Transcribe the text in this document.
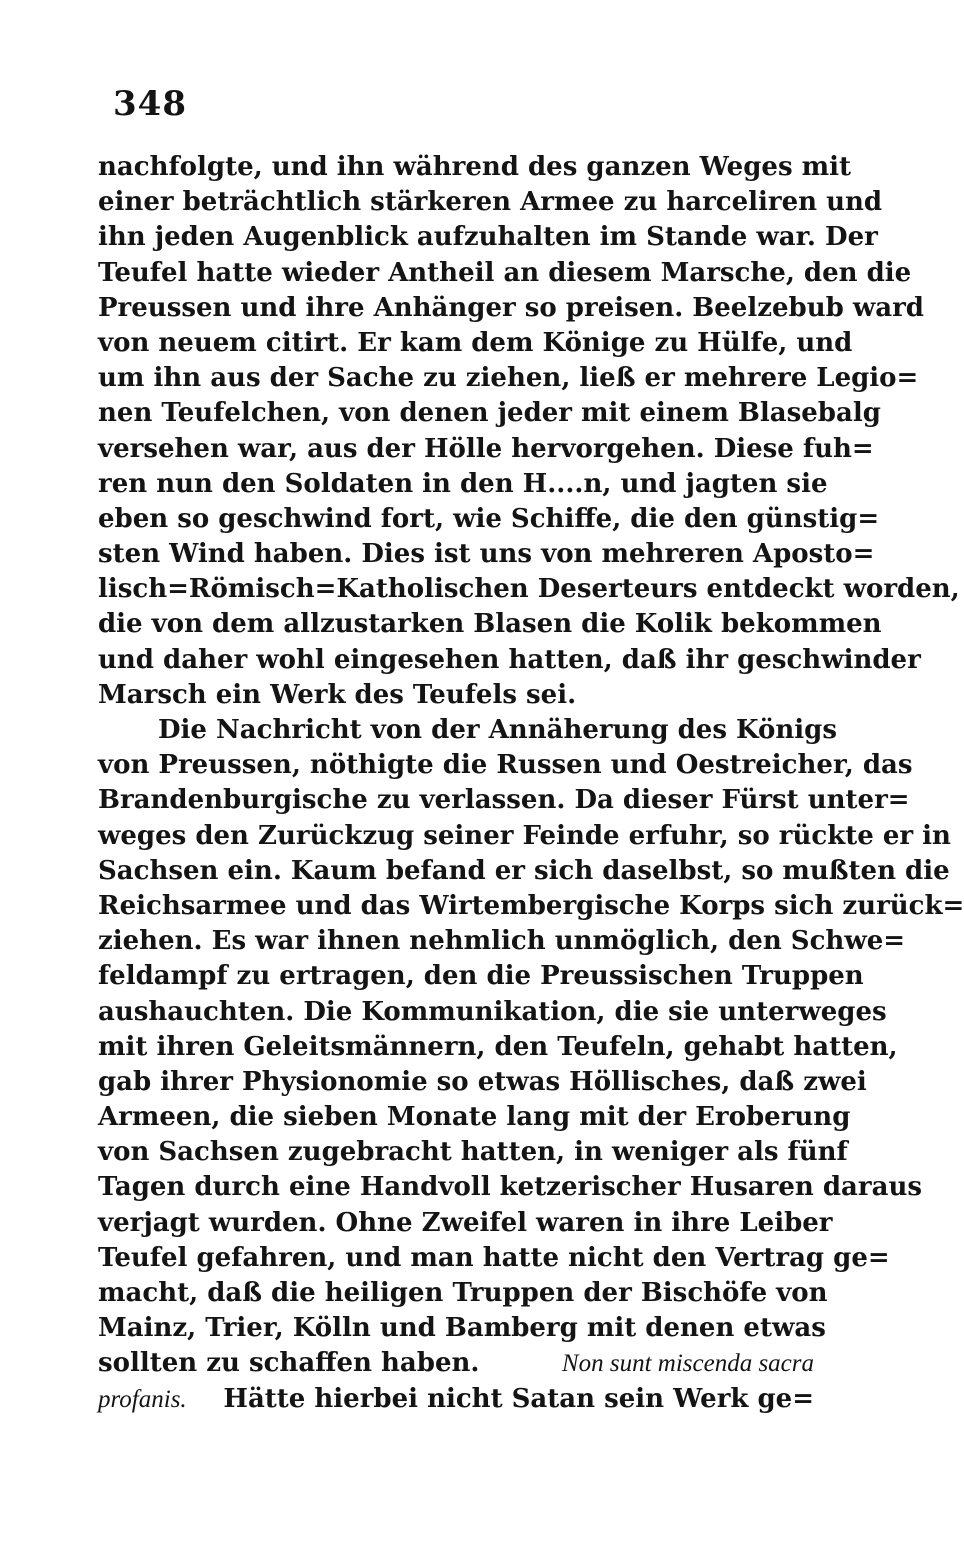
348
nachfolgte, und ihn während des ganzen Weges mit
einer beträchtlich stärkeren Armee zu harceliren und
ihn jeden Augenblick aufzuhalten im Stande war. Der
Teufel hatte wieder Antheil an diesem Marsche, den die
Preussen und ihre Anhänger so preisen. Beelzebub ward
von neuem citirt. Er kam dem Könige zu Hülfe, und
um ihn aus der Sache zu ziehen, ließ er mehrere Legio=
nen Teufelchen, von denen jeder mit einem Blasebalg
versehen war, aus der Hölle hervorgehen. Diese fuh=
ren nun den Soldaten in den H....n, und jagten sie
eben so geschwind fort, wie Schiffe, die den günstig=
sten Wind haben. Dies ist uns von mehreren Aposto=
lisch=Römisch=Katholischen Deserteurs entdeckt worden,
die von dem allzustarken Blasen die Kolik bekommen
und daher wohl eingesehen hatten, daß ihr geschwinder
Marsch ein Werk des Teufels sei.
Die Nachricht von der Annäherung des Königs
von Preussen, nöthigte die Russen und Oestreicher, das
Brandenburgische zu verlassen. Da dieser Fürst unter=
weges den Zurückzug seiner Feinde erfuhr, so rückte er in
Sachsen ein. Kaum befand er sich daselbst, so mußten die
Reichsarmee und das Wirtembergische Korps sich zurück=
ziehen. Es war ihnen nehmlich unmöglich, den Schwe=
feldampf zu ertragen, den die Preussischen Truppen
aushauchten. Die Kommunikation, die sie unterweges
mit ihren Geleitsmännern, den Teufeln, gehabt hatten,
gab ihrer Physionomie so etwas Höllisches, daß zwei
Armeen, die sieben Monate lang mit der Eroberung
von Sachsen zugebracht hatten, in weniger als fünf
Tagen durch eine Handvoll ketzerischer Husaren daraus
verjagt wurden. Ohne Zweifel waren in ihre Leiber
Teufel gefahren, und man hatte nicht den Vertrag ge=
macht, daß die heiligen Truppen der Bischöfe von
Mainz, Trier, Kölln und Bamberg mit denen etwas
sollten zu schaffen haben.	Non sunt miscenda sacra
profanis. Hätte hierbei nicht Satan sein Werk ge=
